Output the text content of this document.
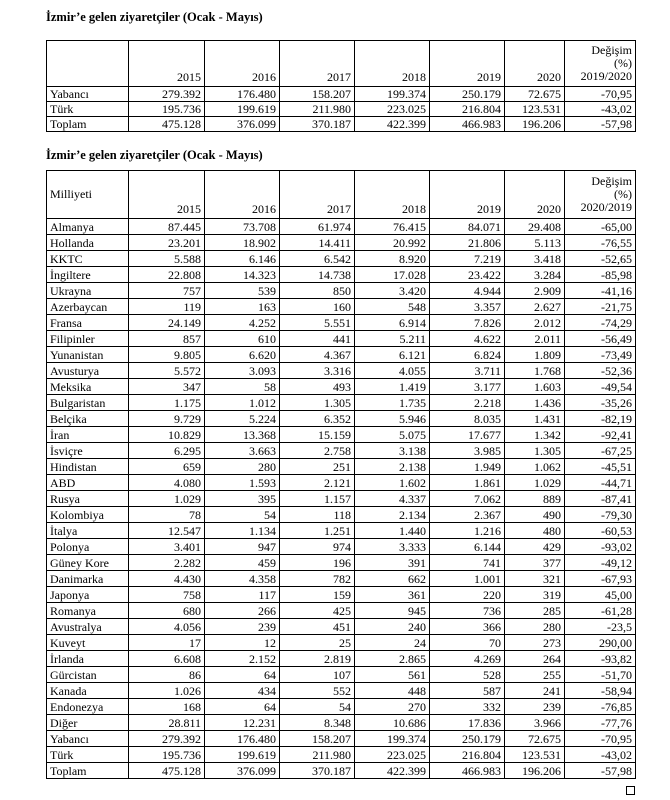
İzmir’e gelen ziyaretçiler (Ocak - Mayıs)
	2015	2016	2017	2018	2019	2020	Değişim
(%)
2019/2020

Yabancı	279.392	176.480	158.207	199.374	250.179	72.675	-70,95
Türk	195.736	199.619	211.980	223.025	216.804	123.531	-43,02
Toplam	475.128	376.099	370.187	422.399	466.983	196.206	-57,98
İzmir’e gelen ziyaretçiler (Ocak - Mayıs)
Milliyeti	2015	2016	2017	2018	2019	2020	Değişim
(%)
2020/2019

Almanya	87.445	73.708	61.974	76.415	84.071	29.408	-65,00
Hollanda	23.201	18.902	14.411	20.992	21.806	5.113	-76,55
KKTC	5.588	6.146	6.542	8.920	7.219	3.418	-52,65
İngiltere	22.808	14.323	14.738	17.028	23.422	3.284	-85,98
Ukrayna	757	539	850	3.420	4.944	2.909	-41,16
Azerbaycan	119	163	160	548	3.357	2.627	-21,75
Fransa	24.149	4.252	5.551	6.914	7.826	2.012	-74,29
Filipinler	857	610	441	5.211	4.622	2.011	-56,49
Yunanistan	9.805	6.620	4.367	6.121	6.824	1.809	-73,49
Avusturya	5.572	3.093	3.316	4.055	3.711	1.768	-52,36
Meksika	347	58	493	1.419	3.177	1.603	-49,54
Bulgaristan	1.175	1.012	1.305	1.735	2.218	1.436	-35,26
Belçika	9.729	5.224	6.352	5.946	8.035	1.431	-82,19
İran	10.829	13.368	15.159	5.075	17.677	1.342	-92,41
İsviçre	6.295	3.663	2.758	3.138	3.985	1.305	-67,25
Hindistan	659	280	251	2.138	1.949	1.062	-45,51
ABD	4.080	1.593	2.121	1.602	1.861	1.029	-44,71
Rusya	1.029	395	1.157	4.337	7.062	889	-87,41
Kolombiya	78	54	118	2.134	2.367	490	-79,30
İtalya	12.547	1.134	1.251	1.440	1.216	480	-60,53
Polonya	3.401	947	974	3.333	6.144	429	-93,02
Güney Kore	2.282	459	196	391	741	377	-49,12
Danimarka	4.430	4.358	782	662	1.001	321	-67,93
Japonya	758	117	159	361	220	319	45,00
Romanya	680	266	425	945	736	285	-61,28
Avustralya	4.056	239	451	240	366	280	-23,5
Kuveyt	17	12	25	24	70	273	290,00
İrlanda	6.608	2.152	2.819	2.865	4.269	264	-93,82
Gürcistan	86	64	107	561	528	255	-51,70
Kanada	1.026	434	552	448	587	241	-58,94
Endonezya	168	64	54	270	332	239	-76,85
Diğer	28.811	12.231	8.348	10.686	17.836	3.966	-77,76
Yabancı	279.392	176.480	158.207	199.374	250.179	72.675	-70,95
Türk	195.736	199.619	211.980	223.025	216.804	123.531	-43,02
Toplam	475.128	376.099	370.187	422.399	466.983	196.206	-57,98
